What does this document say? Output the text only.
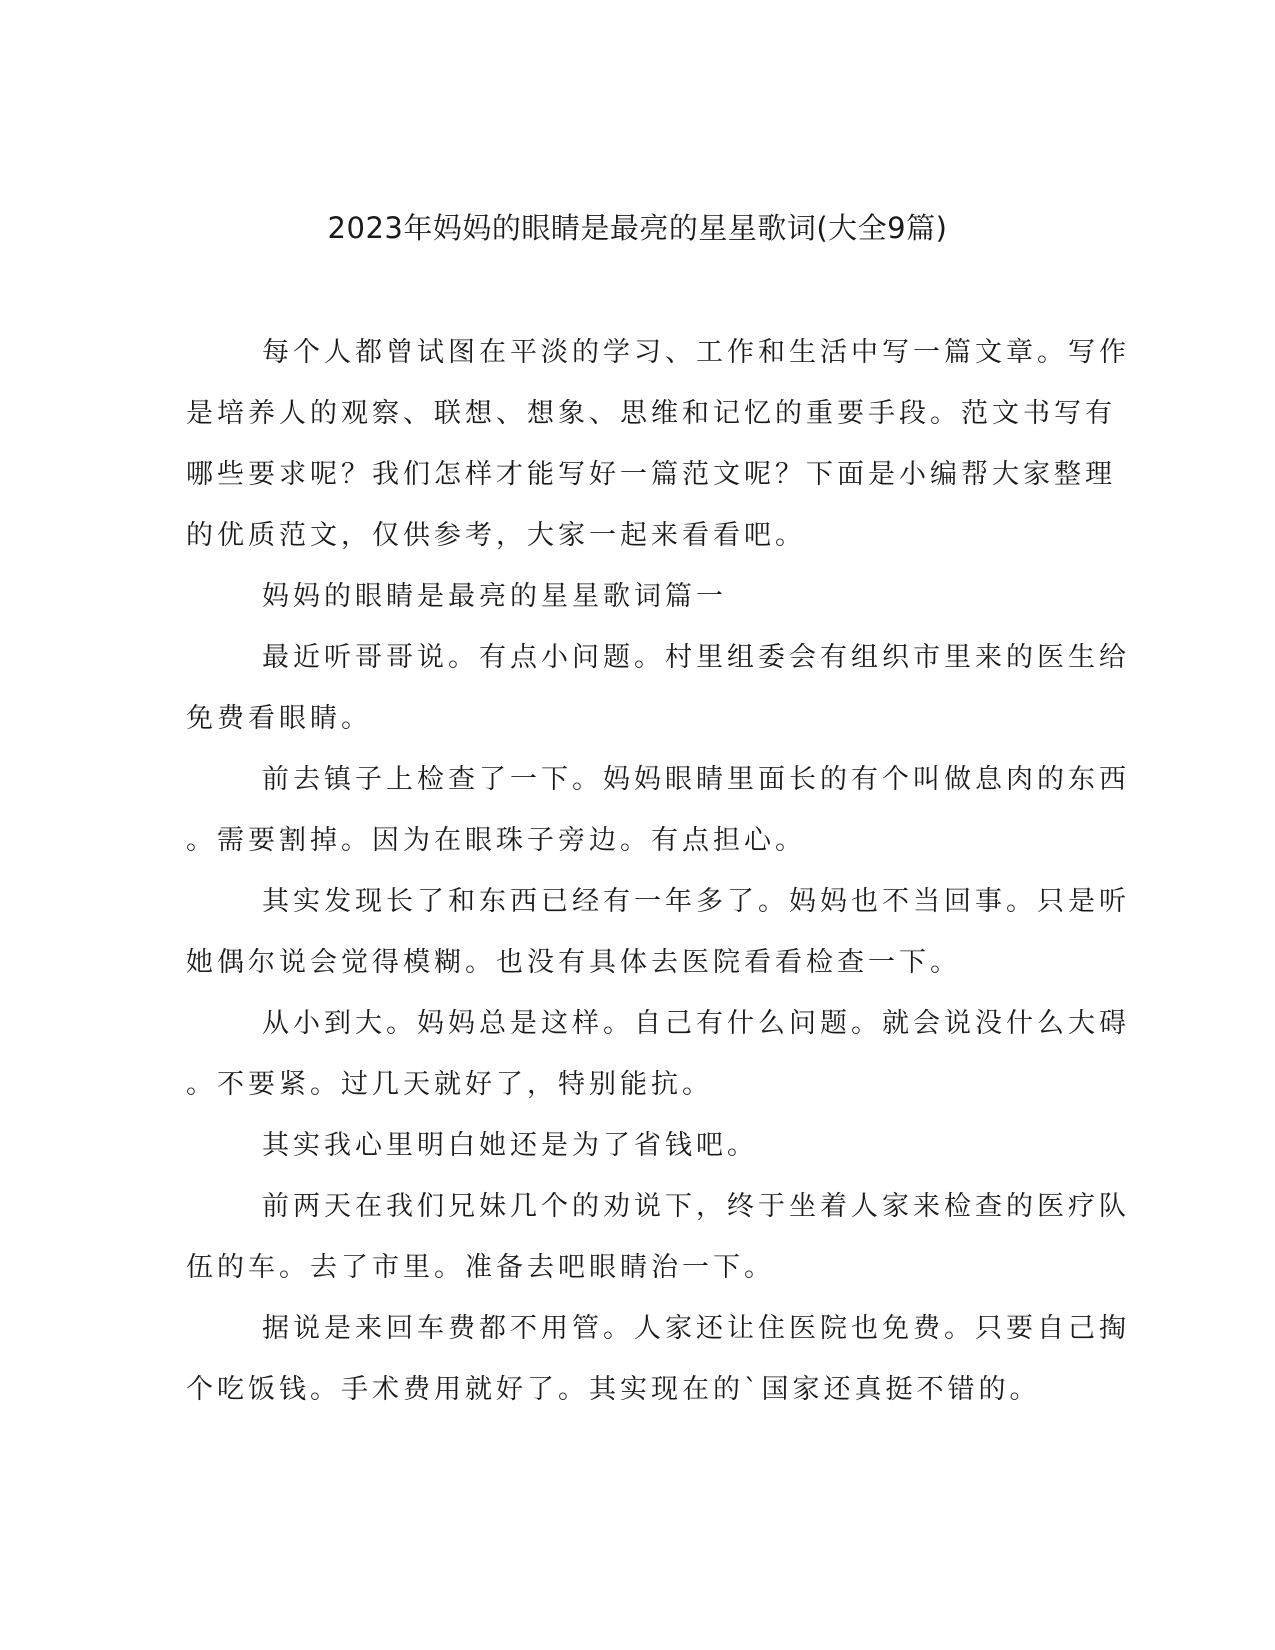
2023年妈妈的眼睛是最亮的星星歌词(大全9篇)
每个人都曾试图在平淡的学习、工作和生活中写一篇文章。写作
是培养人的观察、联想、想象、思维和记忆的重要手段。范文书写有
哪些要求呢？我们怎样才能写好一篇范文呢？下面是小编帮大家整理
的优质范文，仅供参考，大家一起来看看吧。
妈妈的眼睛是最亮的星星歌词篇一
最近听哥哥说。有点小问题。村里组委会有组织市里来的医生给
免费看眼睛。
前去镇子上检查了一下。妈妈眼睛里面长的有个叫做息肉的东西
。需要割掉。因为在眼珠子旁边。有点担心。
其实发现长了和东西已经有一年多了。妈妈也不当回事。只是听
她偶尔说会觉得模糊。也没有具体去医院看看检查一下。
从小到大。妈妈总是这样。自己有什么问题。就会说没什么大碍
。不要紧。过几天就好了，特别能抗。
其实我心里明白她还是为了省钱吧。
前两天在我们兄妹几个的劝说下，终于坐着人家来检查的医疗队
伍的车。去了市里。准备去吧眼睛治一下。
据说是来回车费都不用管。人家还让住医院也免费。只要自己掏
个吃饭钱。手术费用就好了。其实现在的`国家还真挺不错的。
